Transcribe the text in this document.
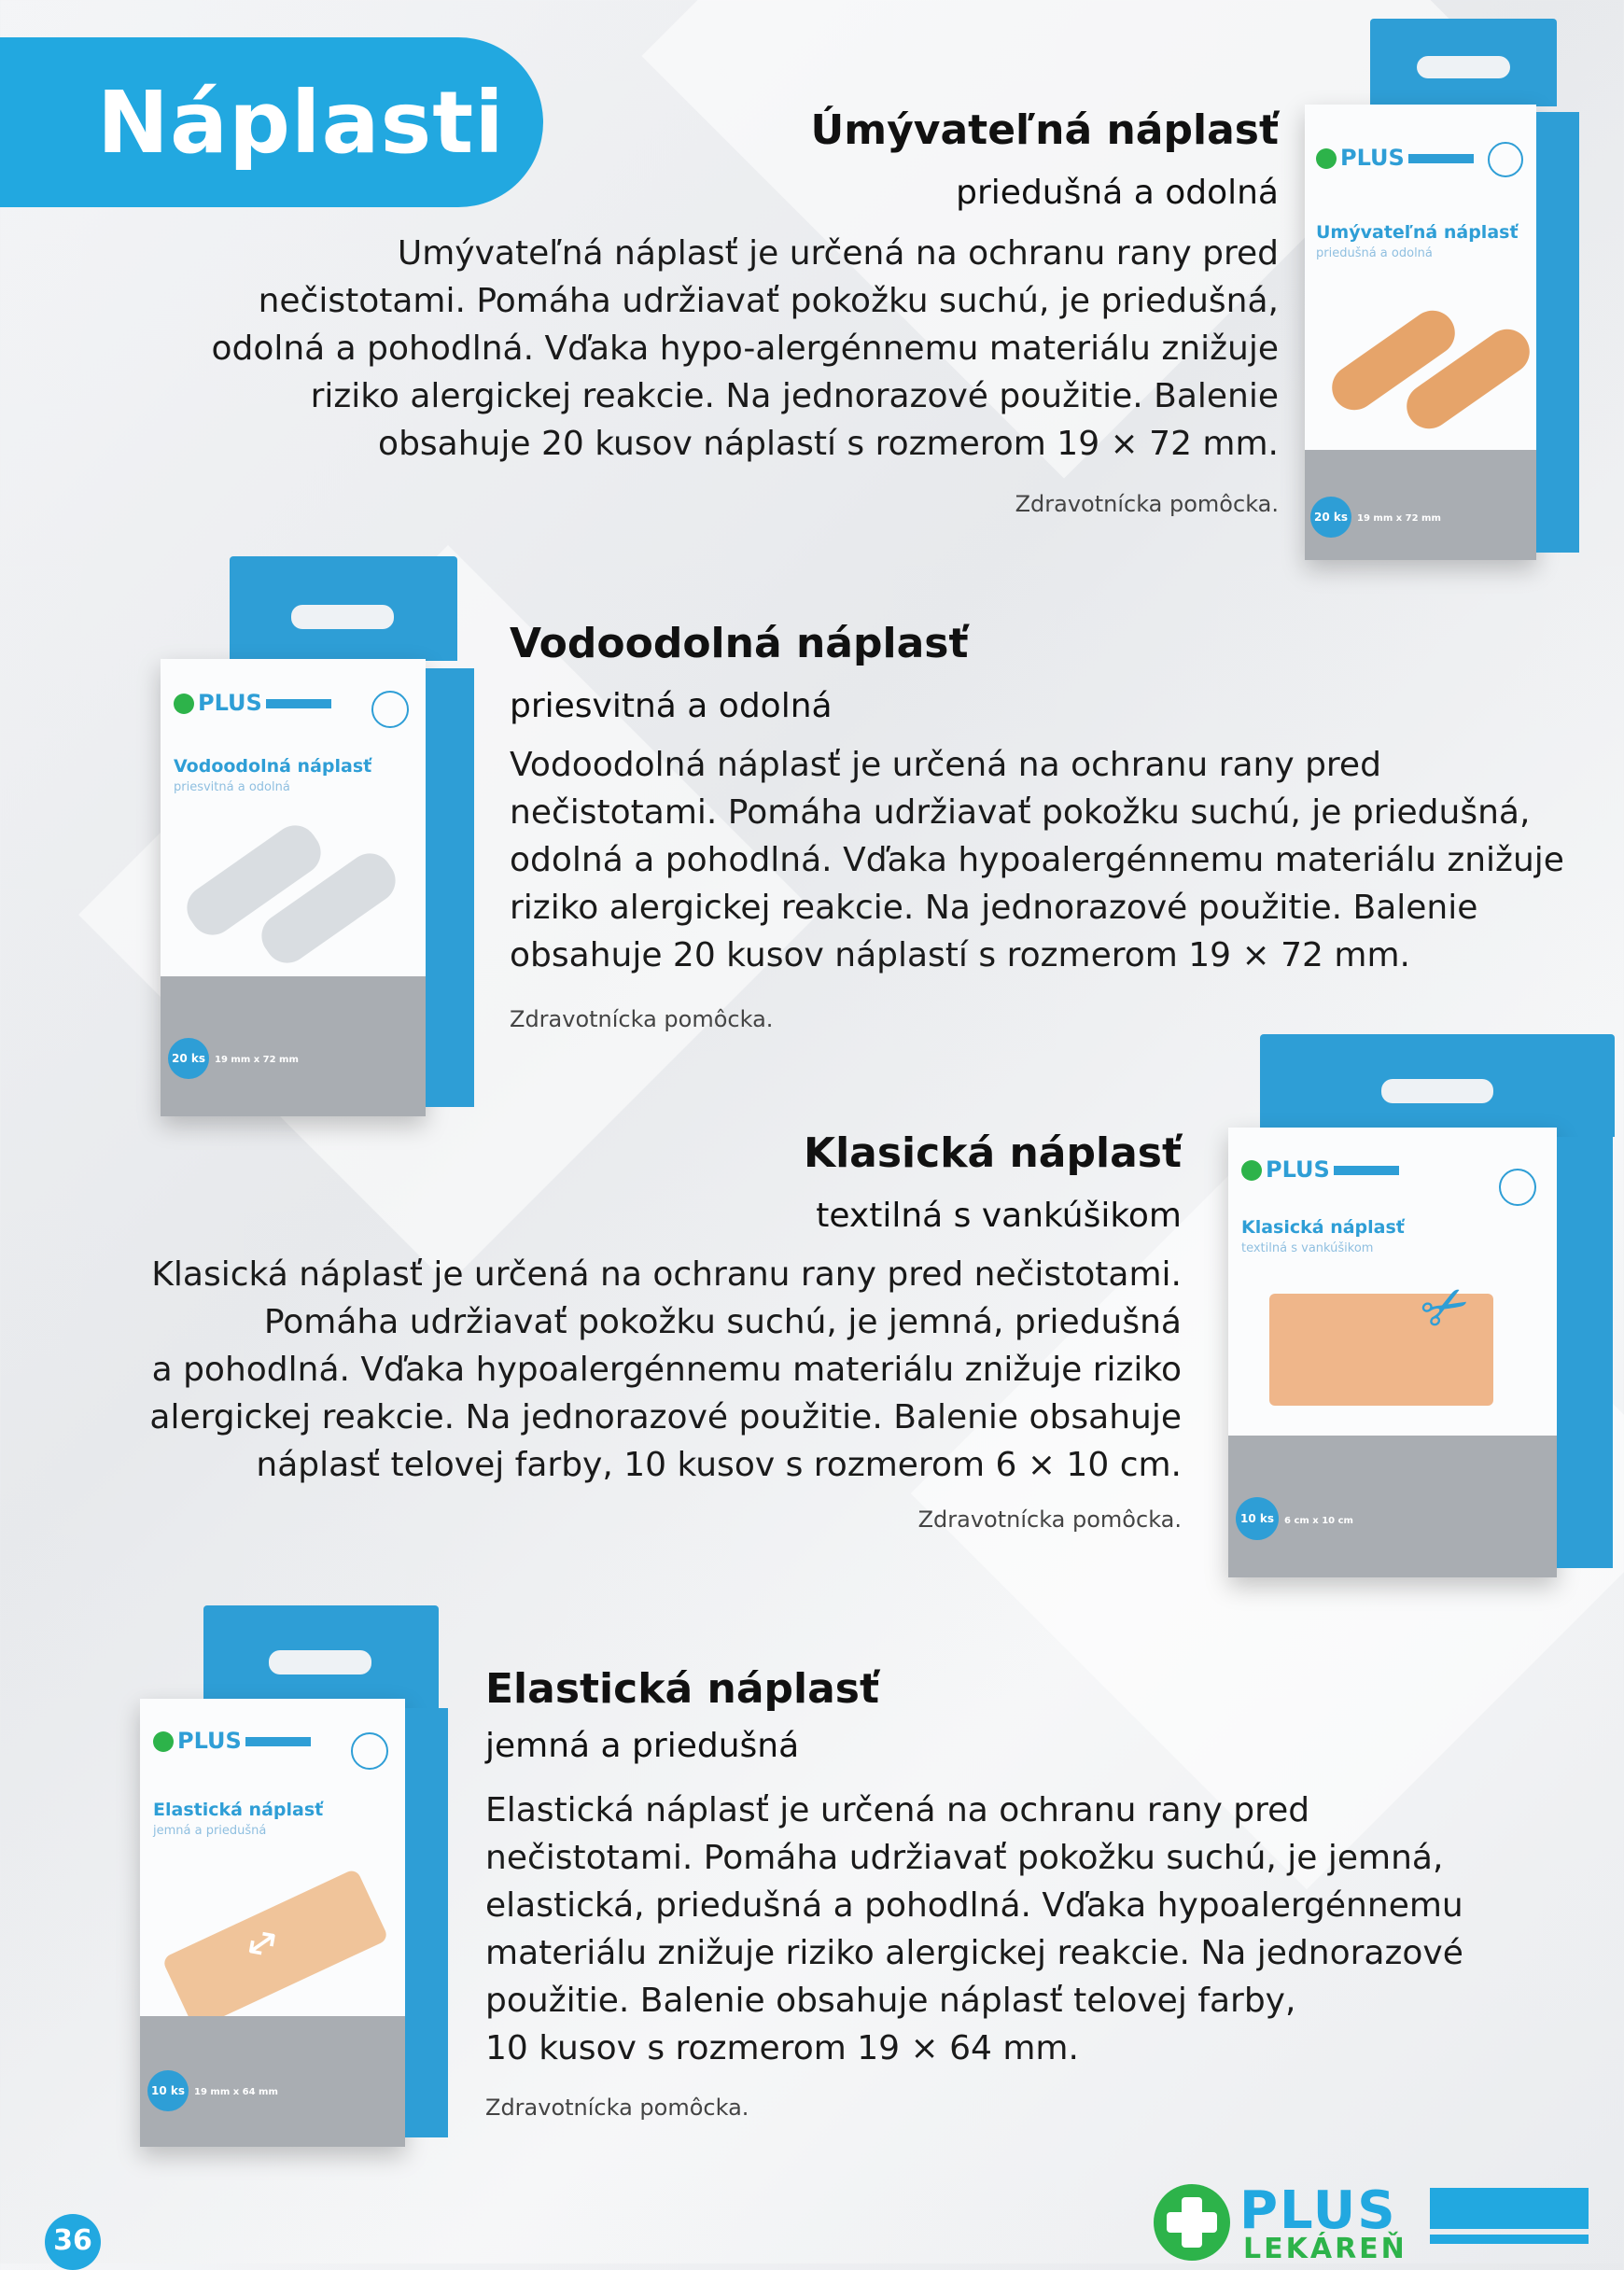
Náplasti	Úmývateľná náplasť
priedušná a odolná
Umývateľná náplasť je určená na ochranu rany pred
nečistotami. Pomáha udržiavať pokožku suchú, je priedušná,
odolná a pohodlná. Vďaka hypo-alergénnemu materiálu znižuje
riziko alergickej reakcie. Na jednorazové použitie. Balenie
obsahuje 20 kusov náplastí s rozmerom 19 × 72 mm.
Zdravotnícka pomôcka.
PLUS
Umývateľná náplasť
priedušná a odolná
20 ks	19 mm x 72 mm
Vodoodolná náplasť
priesvitná a odolná
Vodoodolná náplasť je určená na ochranu rany pred
nečistotami. Pomáha udržiavať pokožku suchú, je priedušná,
odolná a pohodlná. Vďaka hypoalergénnemu materiálu znižuje
riziko alergickej reakcie. Na jednorazové použitie. Balenie
obsahuje 20 kusov náplastí s rozmerom 19 × 72 mm.
Zdravotnícka pomôcka.
PLUS
Vodoodolná náplasť
priesvitná a odolná
20 ks	19 mm x 72 mm
Klasická náplasť
textilná s vankúšikom
Klasická náplasť je určená na ochranu rany pred nečistotami.
Pomáha udržiavať pokožku suchú, je jemná, priedušná
a pohodlná. Vďaka hypoalergénnemu materiálu znižuje riziko
alergickej reakcie. Na jednorazové použitie. Balenie obsahuje
náplasť telovej farby, 10 kusov s rozmerom 6 × 10 cm.
Zdravotnícka pomôcka.
PLUS
Klasická náplasť
textilná s vankúšikom
✂
10 ks	6 cm x 10 cm
Elastická náplasť
jemná a priedušná
Elastická náplasť je určená na ochranu rany pred
nečistotami. Pomáha udržiavať pokožku suchú, je jemná,
elastická, priedušná a pohodlná. Vďaka hypoalergénnemu
materiálu znižuje riziko alergickej reakcie. Na jednorazové
použitie. Balenie obsahuje náplasť telovej farby,
10 kusov s rozmerom 19 × 64 mm.
Zdravotnícka pomôcka.
PLUS
Elastická náplasť
jemná a priedušná
↔
10 ks	19 mm x 64 mm
36	PLUS
LEKÁREŇ
